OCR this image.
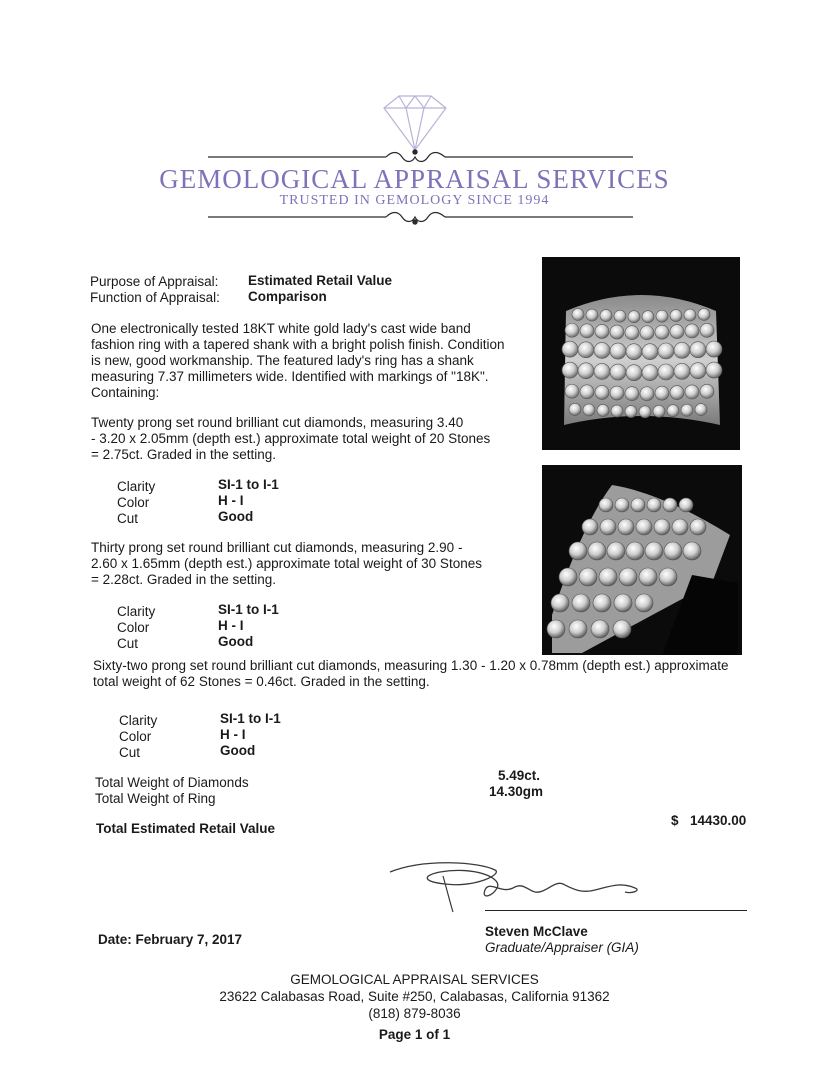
GEMOLOGICAL APPRAISAL SERVICES
TRUSTED IN GEMOLOGY SINCE 1994
Purpose of Appraisal: Estimated Retail Value
Function of Appraisal: Comparison
One electronically tested 18KT white gold lady's cast wide band
fashion ring with a tapered shank with a bright polish finish. Condition
is new, good workmanship. The featured lady's ring has a shank
measuring 7.37 millimeters wide. Identified with markings of "18K".
Containing:
Twenty prong set round brilliant cut diamonds, measuring 3.40
- 3.20 x 2.05mm (depth est.) approximate total weight of 20 Stones
= 2.75ct. Graded in the setting.
Clarity	SI-1 to I-1
Color	H - I
Cut	Good
Thirty prong set round brilliant cut diamonds, measuring 2.90 -
2.60 x 1.65mm (depth est.) approximate total weight of 30 Stones
= 2.28ct. Graded in the setting.
Clarity	SI-1 to I-1
Color	H - I
Cut	Good
Sixty-two prong set round brilliant cut diamonds, measuring 1.30 - 1.20 x 0.78mm (depth est.) approximate
total weight of 62 Stones = 0.46ct. Graded in the setting.
Clarity	SI-1 to I-1
Color	H - I
Cut	Good
Total Weight of Diamonds	5.49ct.
Total Weight of Ring	14.30gm
Total Estimated Retail Value
$ 14430.00
Steven McClave
Graduate/Appraiser (GIA)
Date: February 7, 2017
GEMOLOGICAL APPRAISAL SERVICES
23622 Calabasas Road, Suite #250, Calabasas, California 91362
(818) 879-8036
Page 1 of 1
